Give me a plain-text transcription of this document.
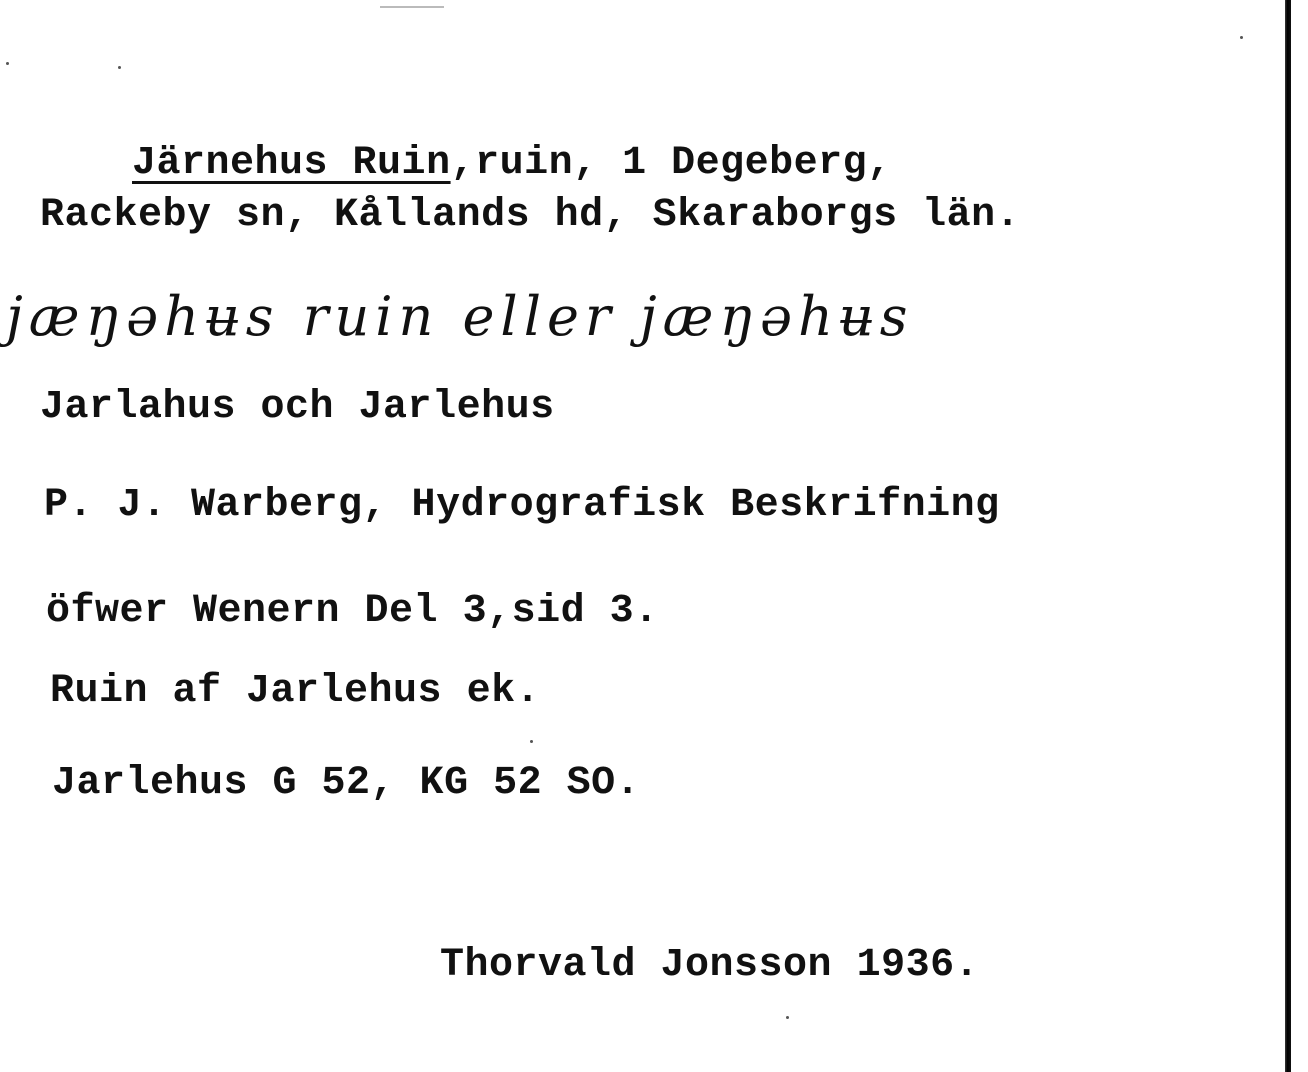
Järnehus Ruin,ruin, 1 Degeberg,

Rackeby sn, Kållands hd, Skaraborgs län.
jæŋəhʉs ruin eller jæŋəhʉs
Jarlahus och Jarlehus
P. J. Warberg, Hydrografisk Beskrifning
öfwer Wenern Del 3,sid 3.
Ruin af Jarlehus ek.
Jarlehus G 52, KG 52 SO.
Thorvald Jonsson 1936.
